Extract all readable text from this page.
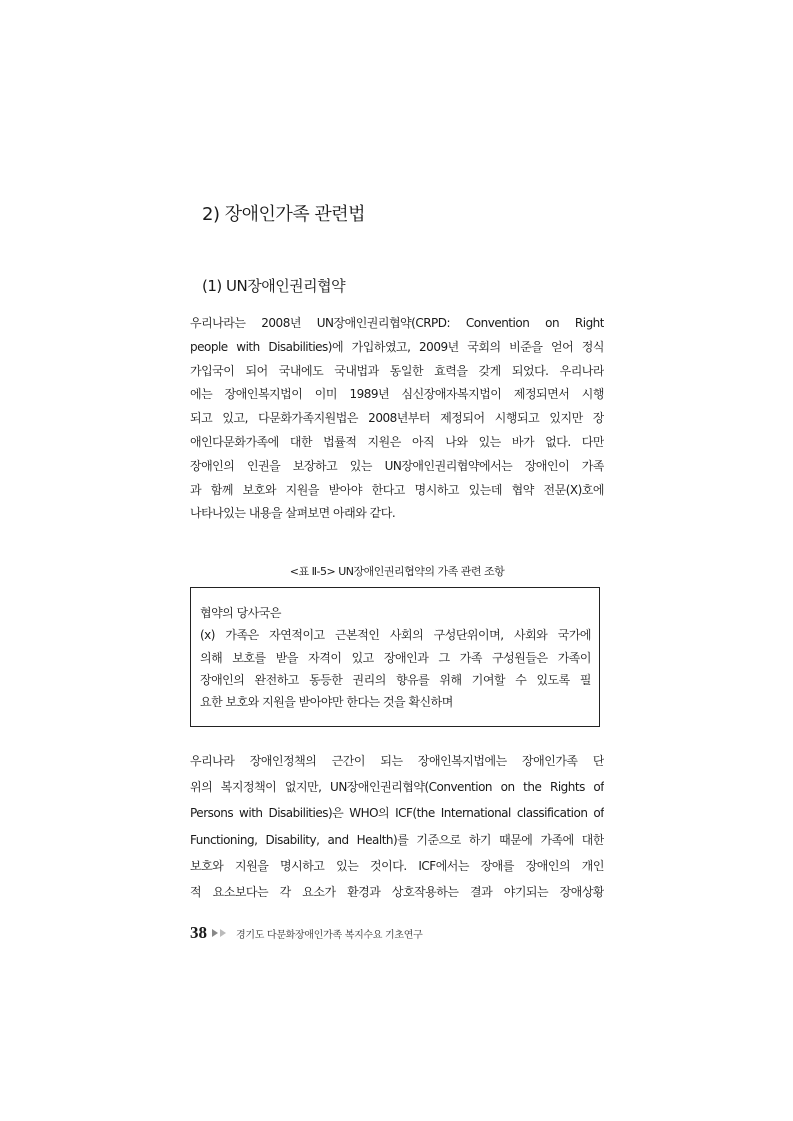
2) 장애인가족 관련법
(1) UN장애인권리협약
우리나라는 2008년 UN장애인권리협약(CRPD: Convention on Right
people with Disabilities)에 가입하였고, 2009년 국회의 비준을 얻어 정식
가입국이 되어 국내에도 국내법과 동일한 효력을 갖게 되었다. 우리나라
에는 장애인복지법이 이미 1989년 심신장애자복지법이 제정되면서 시행
되고 있고, 다문화가족지원법은 2008년부터 제정되어 시행되고 있지만 장
애인다문화가족에 대한 법률적 지원은 아직 나와 있는 바가 없다. 다만
장애인의 인권을 보장하고 있는 UN장애인권리협약에서는 장애인이 가족
과 함께 보호와 지원을 받아야 한다고 명시하고 있는데 협약 전문(X)호에
나타나있는 내용을 살펴보면 아래와 같다.
<표 Ⅱ-5> UN장애인권리협약의 가족 관련 조항
협약의 당사국은
(x) 가족은 자연적이고 근본적인 사회의 구성단위이며, 사회와 국가에
의해 보호를 받을 자격이 있고 장애인과 그 가족 구성원들은 가족이
장애인의 완전하고 동등한 권리의 향유를 위해 기여할 수 있도록 필
요한 보호와 지원을 받아야만 한다는 것을 확신하며
우리나라 장애인정책의 근간이 되는 장애인복지법에는 장애인가족 단
위의 복지정책이 없지만, UN장애인권리협약(Convention on the Rights of
Persons with Disabilities)은 WHO의 ICF(the International classification of
Functioning, Disability, and Health)를 기준으로 하기 때문에 가족에 대한
보호와 지원을 명시하고 있는 것이다. ICF에서는 장애를 장애인의 개인
적 요소보다는 각 요소가 환경과 상호작용하는 결과 야기되는 장애상황
38	경기도 다문화장애인가족 복지수요 기초연구
